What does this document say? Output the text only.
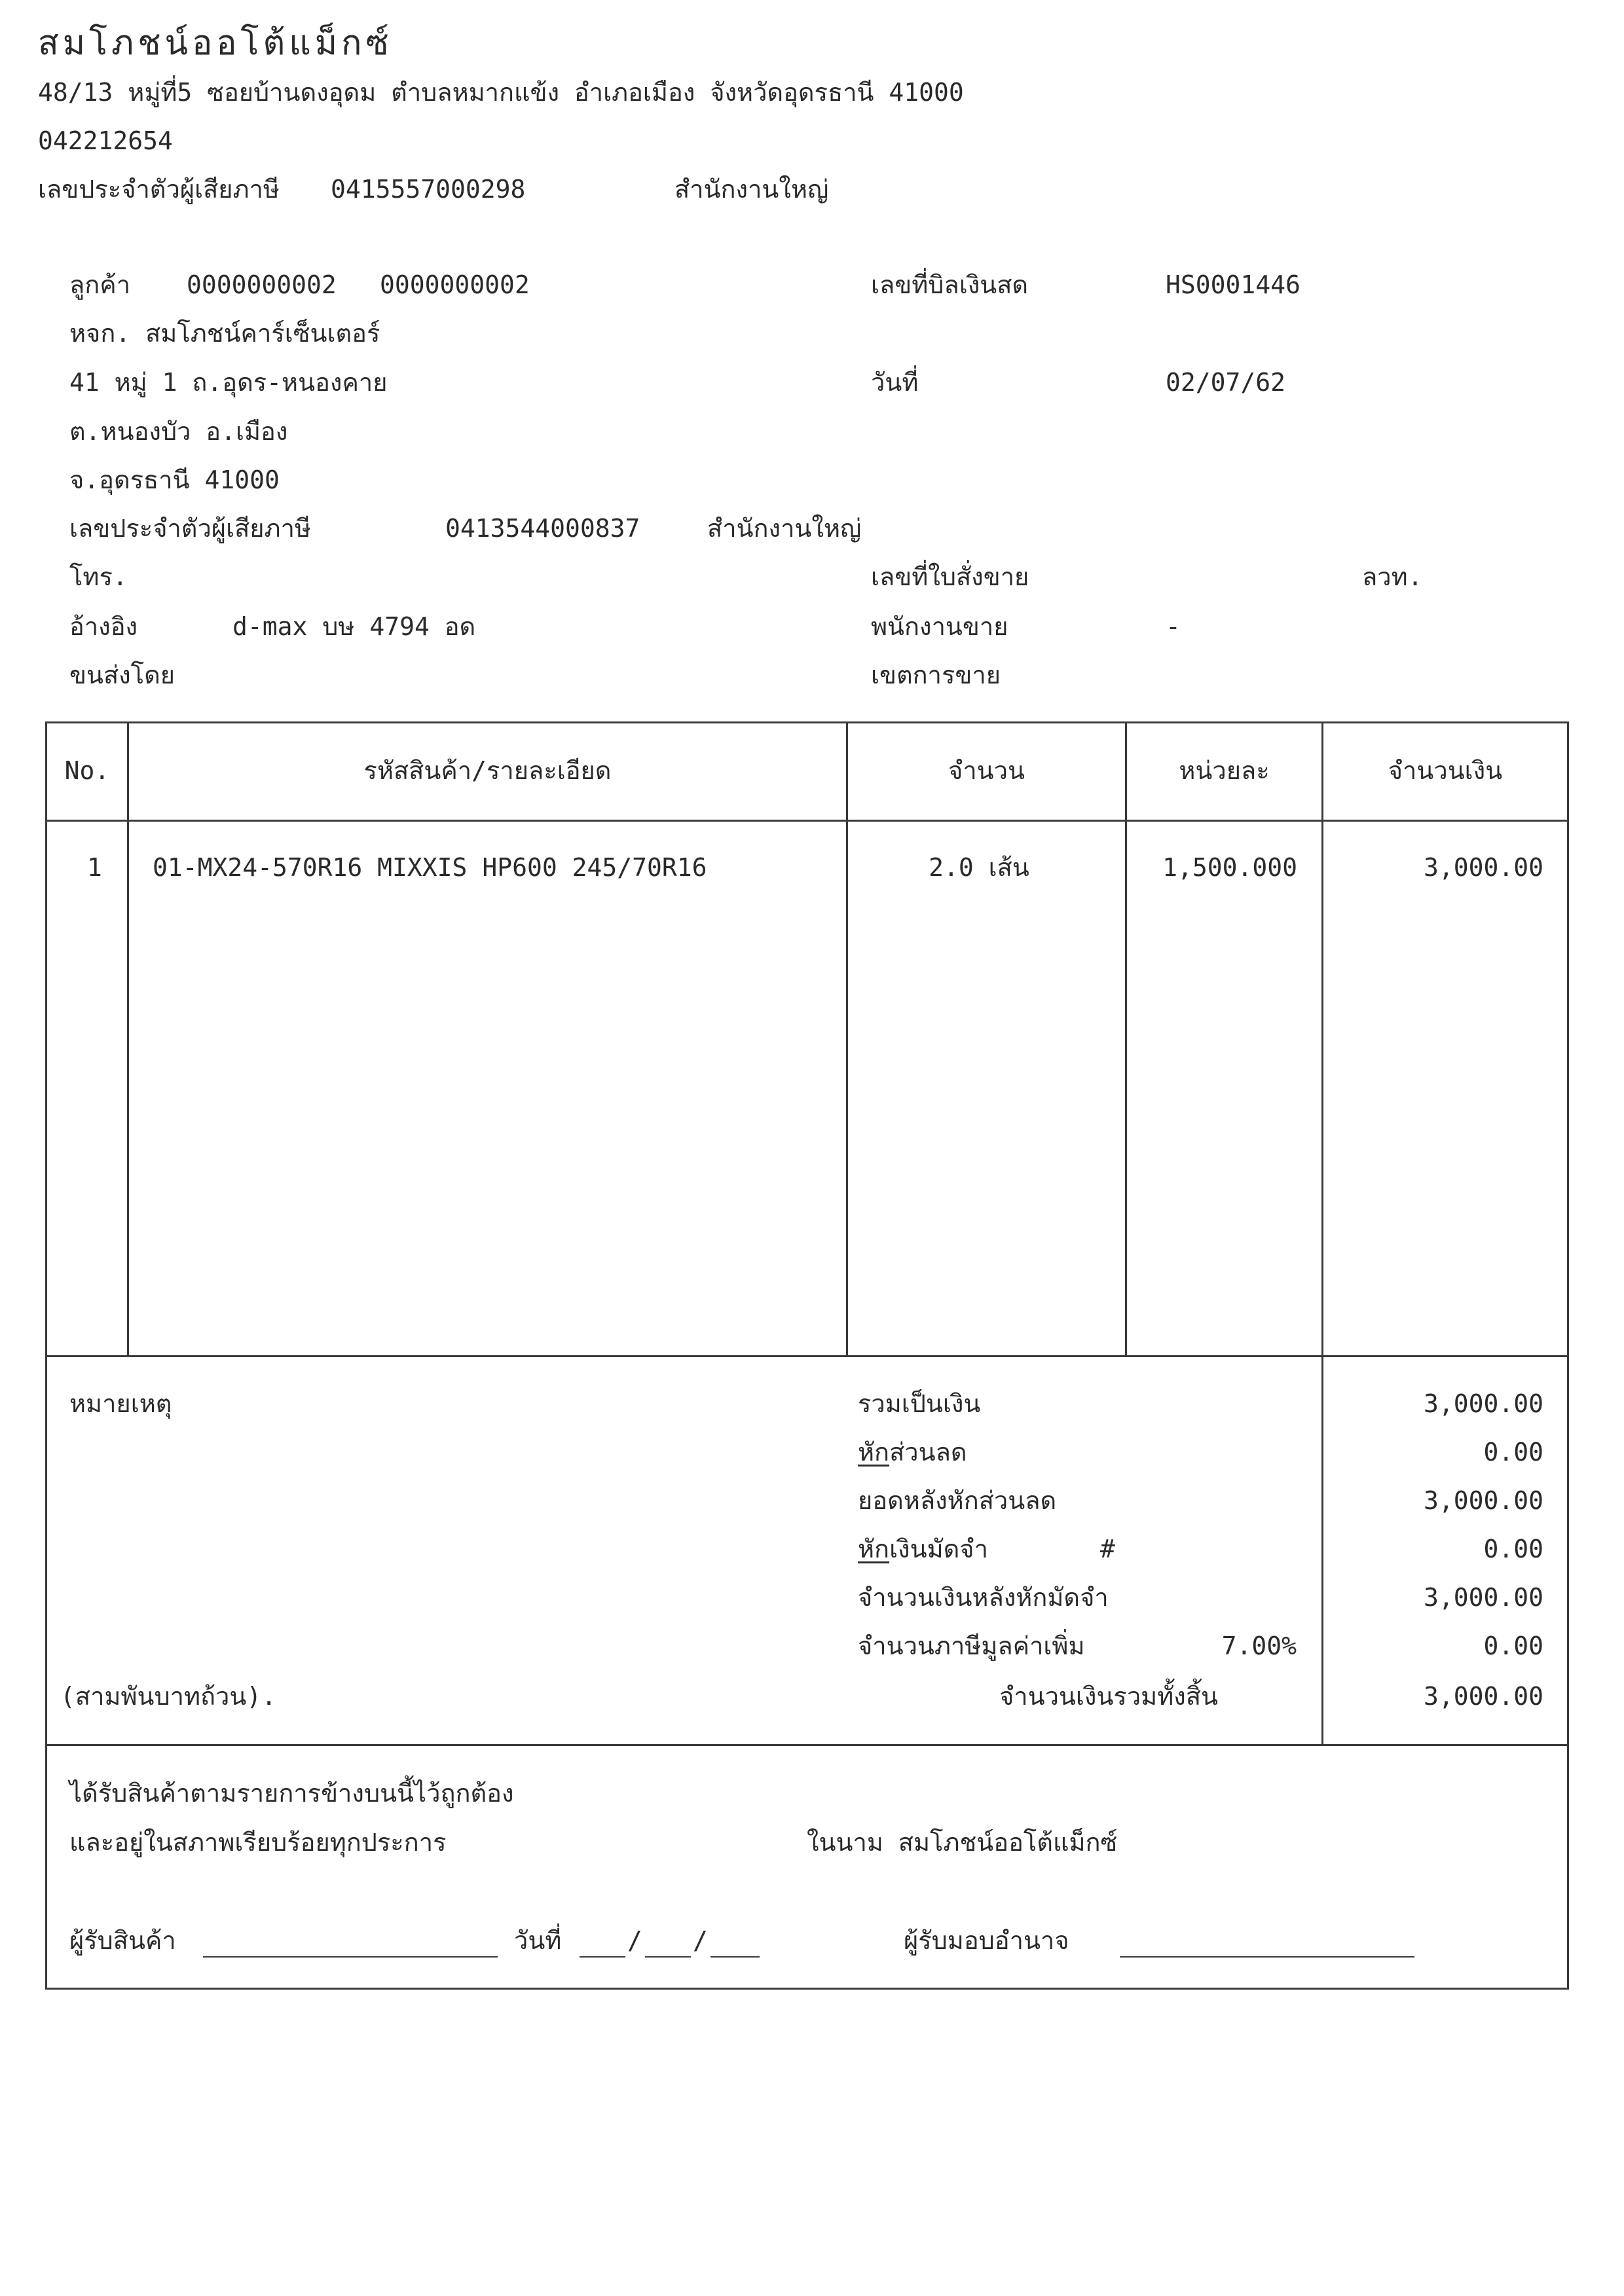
สมโภชน์ออโต้แม็กซ์
48/13 หมู่ที่5 ซอยบ้านดงอุดม ตำบลหมากแข้ง อำเภอเมือง จังหวัดอุดรธานี 41000
042212654
เลขประจำตัวผู้เสียภาษี 0415557000298	สำนักงานใหญ่
ลูกค้า 0000000002 0000000002
หจก. สมโภชน์คาร์เซ็นเตอร์
41 หมู่ 1 ถ.อุดร-หนองคาย
ต.หนองบัว อ.เมือง
จ.อุดรธานี 41000
เลขประจำตัวผู้เสียภาษี	0413544000837	สำนักงานใหญ่
โทร.
อ้างอิง	d-max บษ 4794 อด
ขนส่งโดย
เลขที่บิลเงินสด	HS0001446
วันที่	02/07/62
เลขที่ใบสั่งขาย	ลวท.
พนักงานขาย	-
เขตการขาย
No.	รหัสสินค้า/รายละเอียด	จำนวน	หน่วยละ	จำนวนเงิน
1	01-MX24-570R16 MIXXIS HP600 245/70R16	2.0 เส้น	1,500.000	3,000.00
หมายเหตุ	รวมเป็นเงิน	3,000.00
หักส่วนลด	0.00
ยอดหลังหักส่วนลด	3,000.00
หักเงินมัดจำ	#	0.00
จำนวนเงินหลังหักมัดจำ	3,000.00
จำนวนภาษีมูลค่าเพิ่ม	7.00%	0.00
(สามพันบาทถ้วน).	จำนวนเงินรวมทั้งสิ้น	3,000.00
ได้รับสินค้าตามรายการข้างบนนี้ไว้ถูกต้อง
และอยู่ในสภาพเรียบร้อยทุกประการ	ในนาม สมโภชน์ออโต้แม็กซ์
ผู้รับสินค้า	วันที่	/ /	ผู้รับมอบอำนาจ
